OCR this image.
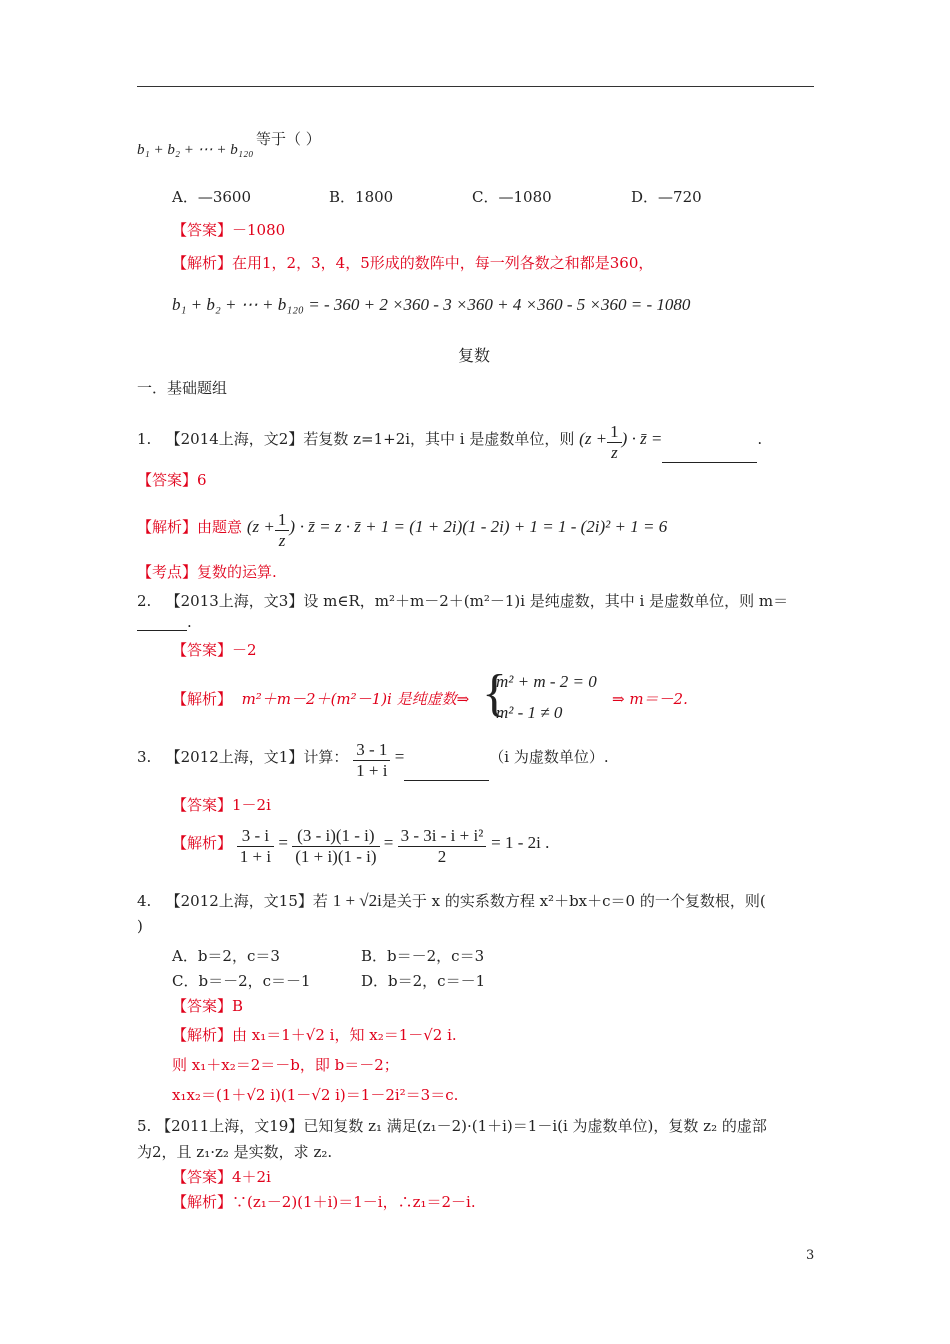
b₁ + b₂ + ⋯ + b₁₂₀
等于（ ）
A．—3600	B．1800	C．—1080	D．—720
【答案】－1080
【解析】在用1，2，3，4，5形成的数阵中，每一列各数之和都是360，
b₁ + b₂ + ⋯ + b₁₂₀ = - 360 + 2 ×360 - 3 ×360 + 4 ×360 - 5 ×360 = - 1080
复数
一．基础题组
1. 【2014上海，文2】若复数 z=1+2i，其中 i 是虚数单位，则 ($z + \frac{1}{z}$ ) · z̄ =	.
【答案】6
【解析】由题意 ($z + \frac{1}{z}$ ) · z̄ = z · z̄ + 1 = (1 + 2i)(1 - 2i) + 1 = 1 - (2i)² + 1 = 6
【考点】复数的运算.
2. 【2013上海，文3】设 m∈R，m²＋m－2＋(m²－1)i 是纯虚数，其中 i 是虚数单位，则 m＝
.
【答案】－2
【解析】 m²＋m－2＋(m²－1)i 是纯虚数⇒ {
m² + m - 2 = 0
m² - 1 ≠ 0
⇒ m＝－2.
3. 【2012上海，文1】计算： $\frac{3 - 1}{1 + i}$ =	（i 为虚数单位）.
【答案】1－2i
【解析】 $\frac{3 - i}{1 + i} = \frac{(3 - i)(1 - i)}{(1 + i)(1 - i)} = \frac{\text{3 - 3i - i + i²}}{2} = 1 - 2i$ .
4. 【2012上海，文15】若 1 + √2i是关于 x 的实系数方程 x²＋bx＋c＝0 的一个复数根，则(
)
A．b＝2，c＝3	B．b＝－2，c＝3
C．b＝－2，c＝－1	D．b＝2，c＝－1
【答案】B
【解析】由 x₁＝1＋√2 i，知 x₂＝1－√2 i.
则 x₁＋x₂＝2＝－b，即 b＝－2；
x₁x₂＝(1＋√2 i)(1－√2 i)＝1－2i²＝3＝c.
5. 【2011上海，文19】已知复数 z₁ 满足(z₁－2)·(1＋i)＝1－i(i 为虚数单位)，复数 z₂ 的虚部
为2，且 z₁·z₂ 是实数，求 z₂.
【答案】4＋2i
【解析】∵(z₁－2)(1＋i)＝1－i，∴z₁＝2－i.
3
